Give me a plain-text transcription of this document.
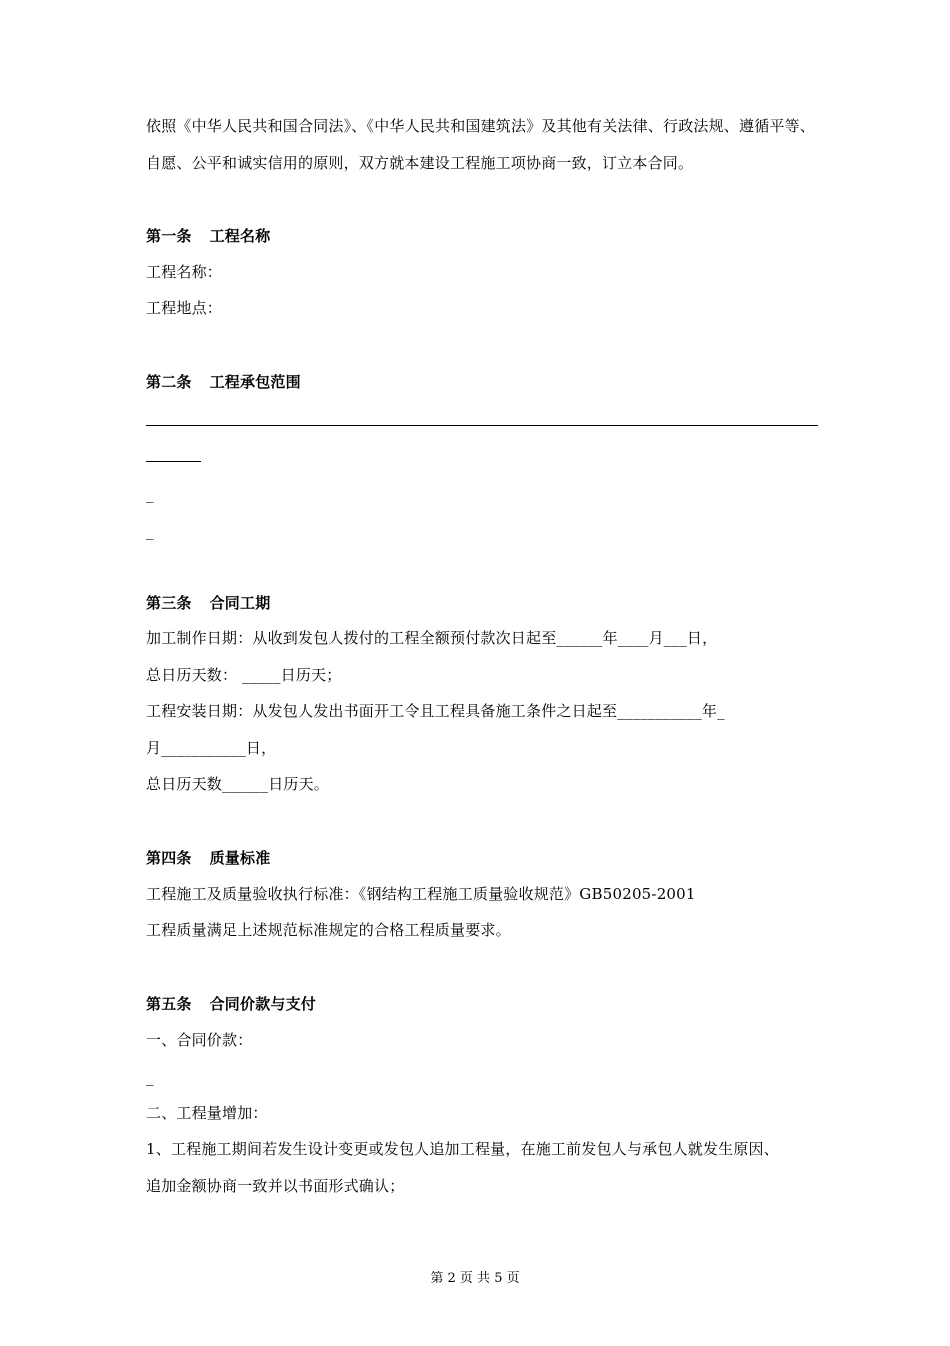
依照《中华人民共和国合同法》、《中华人民共和国建筑法》及其他有关法律、行政法规、遵循平等、
自愿、公平和诚实信用的原则，双方就本建设工程施工项协商一致，订立本合同。
第一条 工程名称
工程名称：
工程地点：
第二条 工程承包范围
_
_
第三条 合同工期
加工制作日期：从收到发包人拨付的工程全额预付款次日起至______年____月___日，
总日历天数： _____日历天；
工程安装日期：从发包人发出书面开工令且工程具备施工条件之日起至___________年_
月___________日，
总日历天数______日历天。
第四条 质量标准
工程施工及质量验收执行标准：《钢结构工程施工质量验收规范》GB50205-2001
工程质量满足上述规范标准规定的合格工程质量要求。
第五条 合同价款与支付
一、合同价款：
_
二、工程量增加：
1、工程施工期间若发生设计变更或发包人追加工程量，在施工前发包人与承包人就发生原因、
追加金额协商一致并以书面形式确认；
第 2 页 共 5 页
